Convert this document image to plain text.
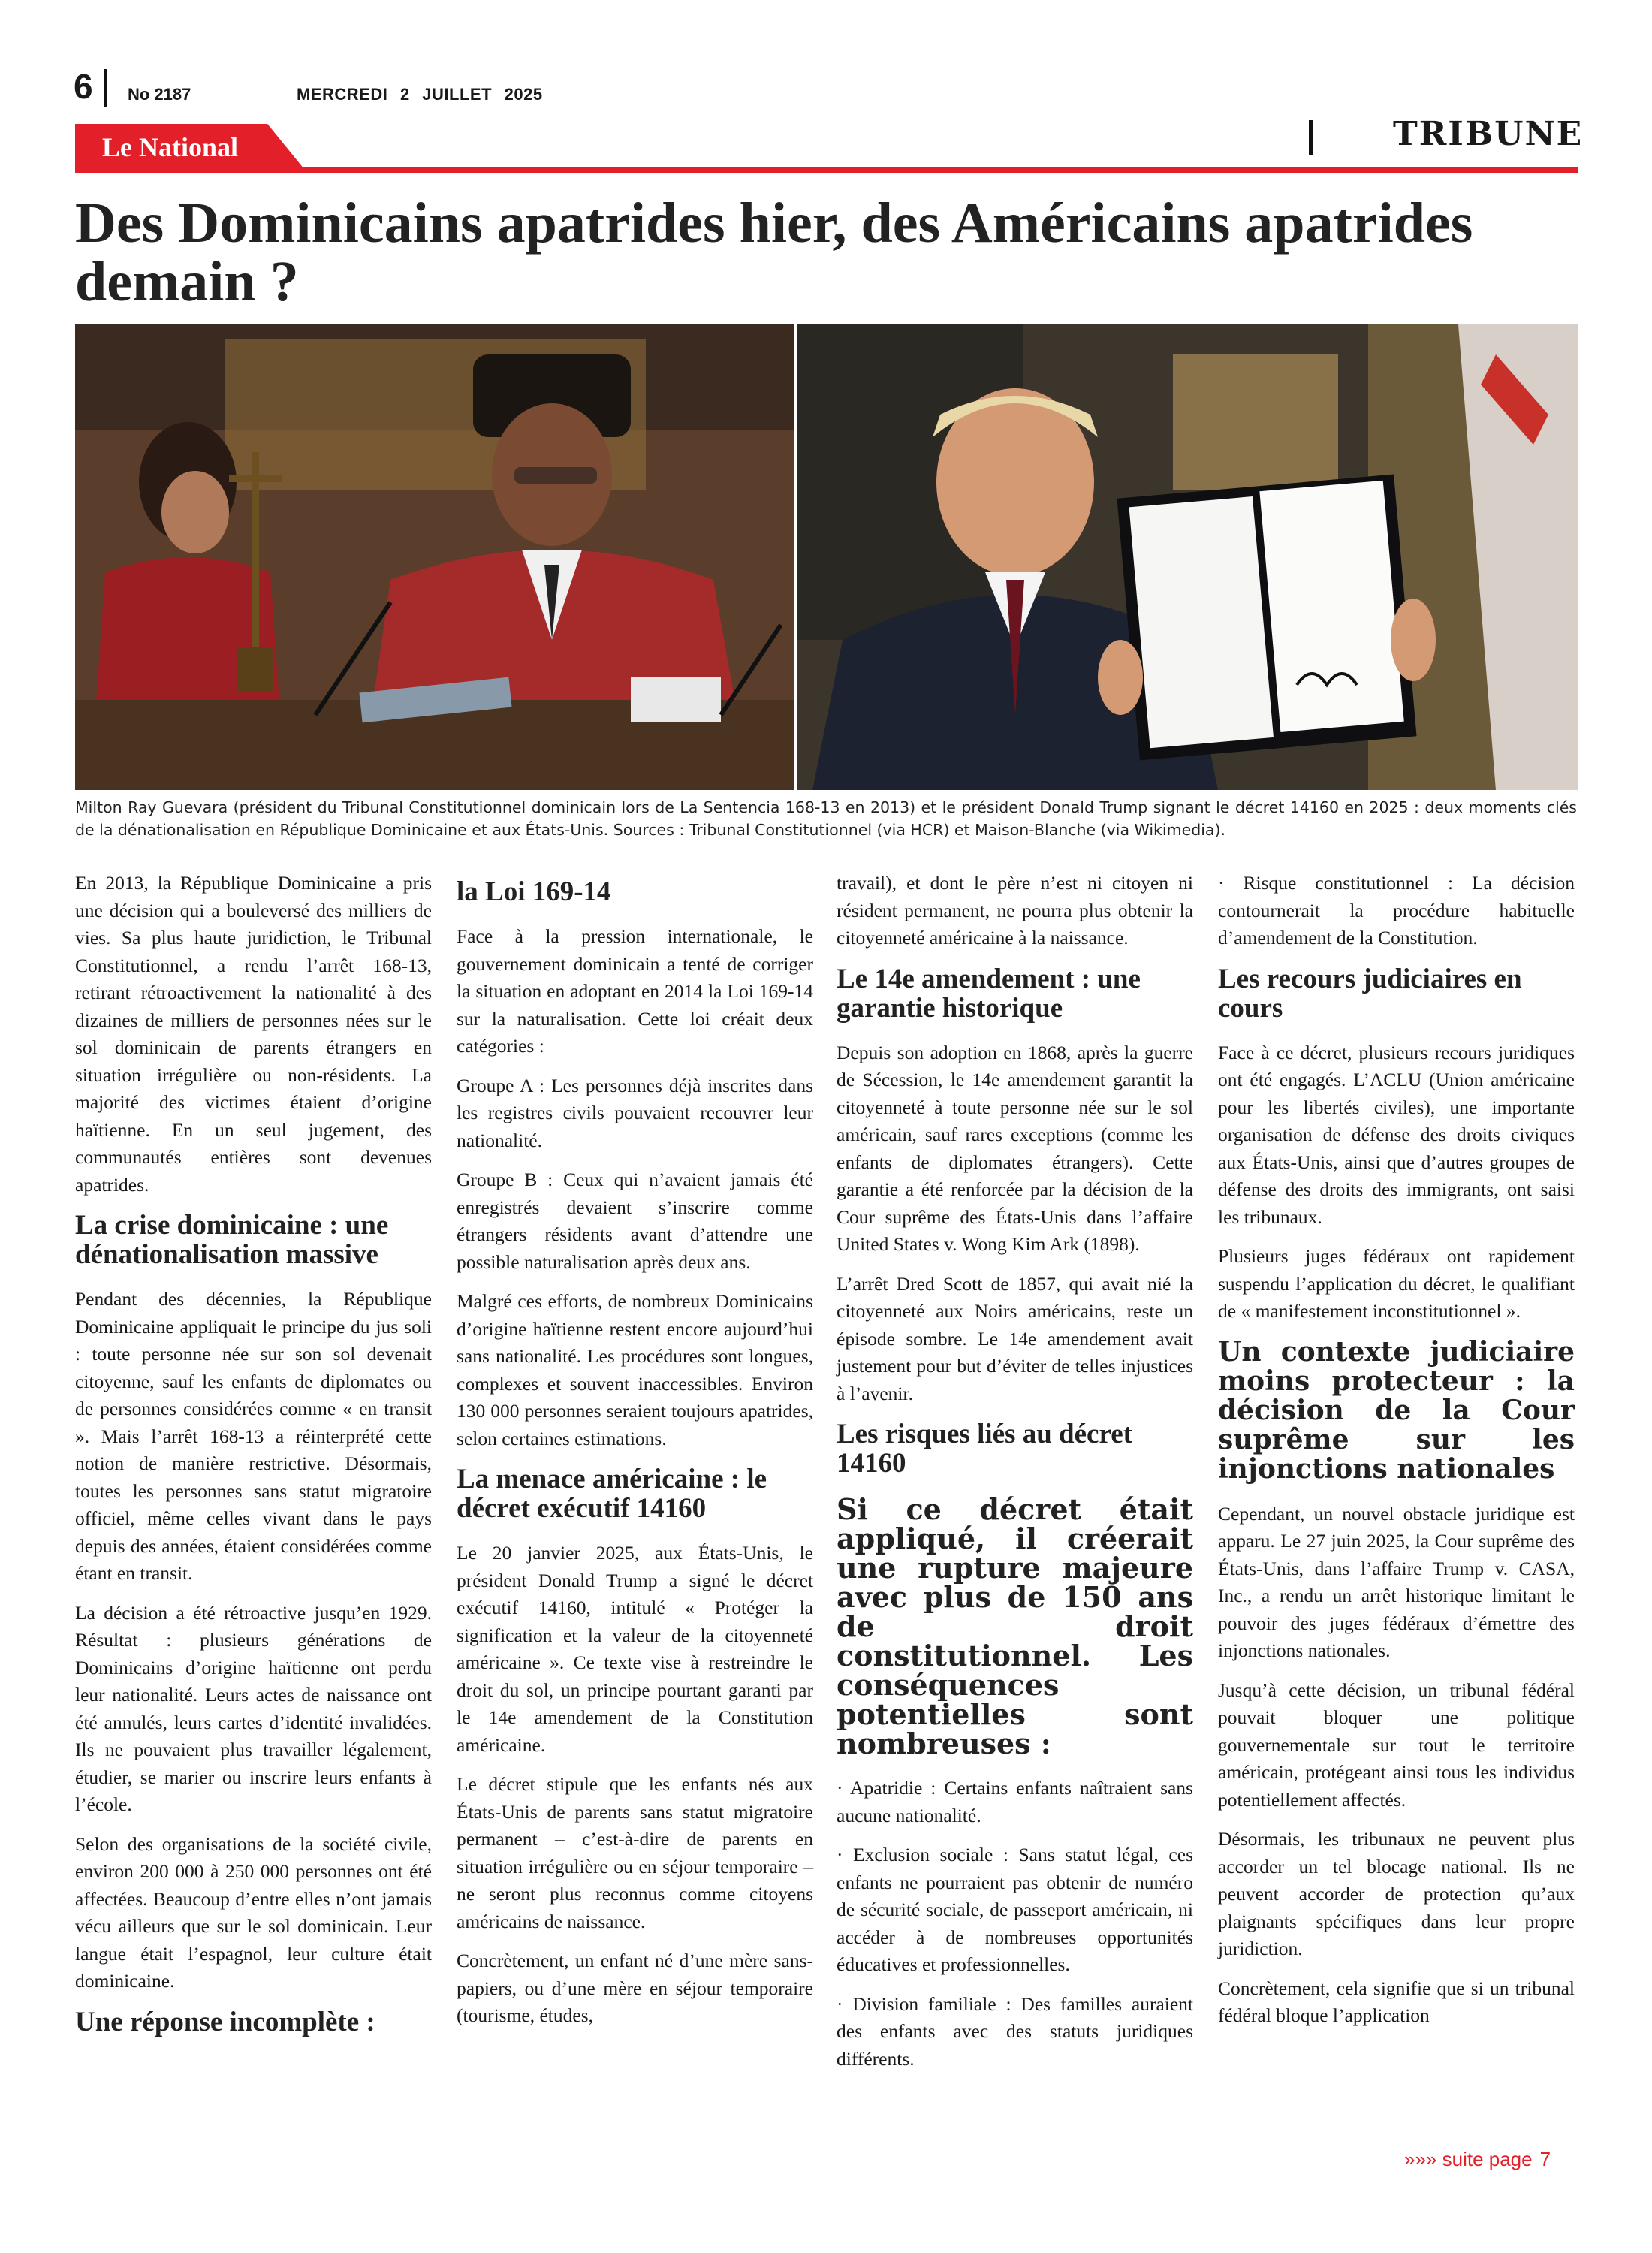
6 No 2187	MERCREDI 2 JUILLET 2025
Le National	TRIBUNE
Des Dominicains apatrides hier, des Américains apatrides demain ?

Milton Ray Guevara (président du Tribunal Constitutionnel dominicain lors de La Sentencia 168-13 en 2013) et le président Donald Trump signant le décret 14160 en 2025 : deux moments clés de la dénationalisation en République Dominicaine et aux États-Unis. Sources : Tribunal Constitutionnel (via HCR) et Maison-Blanche (via Wikimedia).

En 2013, la République Dominicaine a pris une décision qui a bouleversé des milliers de vies. Sa plus haute juridiction, le Tribunal Constitutionnel, a rendu l’arrêt 168-13, retirant rétroactivement la nationalité à des dizaines de milliers de personnes nées sur le sol dominicain de parents étrangers en situation irrégulière ou non-résidents. La majorité des victimes étaient d’origine haïtienne. En un seul jugement, des communautés entières sont devenues apatrides.

La crise dominicaine : une dénationalisation massive

Pendant des décennies, la République Dominicaine appliquait le principe du jus soli : toute personne née sur son sol devenait citoyenne, sauf les enfants de diplomates ou de personnes considérées comme « en transit ». Mais l’arrêt 168-13 a réinterprété cette notion de manière restrictive. Désormais, toutes les personnes sans statut migratoire officiel, même celles vivant dans le pays depuis des années, étaient considérées comme étant en transit.

La décision a été rétroactive jusqu’en 1929. Résultat : plusieurs générations de Dominicains d’origine haïtienne ont perdu leur nationalité. Leurs actes de naissance ont été annulés, leurs cartes d’identité invalidées. Ils ne pouvaient plus travailler légalement, étudier, se marier ou inscrire leurs enfants à l’école.

Selon des organisations de la société civile, environ 200 000 à 250 000 personnes ont été affectées. Beaucoup d’entre elles n’ont jamais vécu ailleurs que sur le sol dominicain. Leur langue était l’espagnol, leur culture était dominicaine.

Une réponse incomplète :
la Loi 169-14

Face à la pression internationale, le gouvernement dominicain a tenté de corriger la situation en adoptant en 2014 la Loi 169-14 sur la naturalisation. Cette loi créait deux catégories :

Groupe A : Les personnes déjà inscrites dans les registres civils pouvaient recouvrer leur nationalité.

Groupe B : Ceux qui n’avaient jamais été enregistrés devaient s’inscrire comme étrangers résidents avant d’attendre une possible naturalisation après deux ans.

Malgré ces efforts, de nombreux Dominicains d’origine haïtienne restent encore aujourd’hui sans nationalité. Les procédures sont longues, complexes et souvent inaccessibles. Environ 130 000 personnes seraient toujours apatrides, selon certaines estimations.

La menace américaine : le décret exécutif 14160

Le 20 janvier 2025, aux États-Unis, le président Donald Trump a signé le décret exécutif 14160, intitulé « Protéger la signification et la valeur de la citoyenneté américaine ». Ce texte vise à restreindre le droit du sol, un principe pourtant garanti par le 14e amendement de la Constitution américaine.

Le décret stipule que les enfants nés aux États-Unis de parents sans statut migratoire permanent – c’est-à-dire de parents en situation irrégulière ou en séjour temporaire – ne seront plus reconnus comme citoyens américains de naissance.

Concrètement, un enfant né d’une mère sans-papiers, ou d’une mère en séjour temporaire (tourisme, études,

travail), et dont le père n’est ni citoyen ni résident permanent, ne pourra plus obtenir la citoyenneté américaine à la naissance.

Le 14e amendement : une garantie historique

Depuis son adoption en 1868, après la guerre de Sécession, le 14e amendement garantit la citoyenneté à toute personne née sur le sol américain, sauf rares exceptions (comme les enfants de diplomates étrangers). Cette garantie a été renforcée par la décision de la Cour suprême des États-Unis dans l’affaire United States v. Wong Kim Ark (1898).

L’arrêt Dred Scott de 1857, qui avait nié la citoyenneté aux Noirs américains, reste un épisode sombre. Le 14e amendement avait justement pour but d’éviter de telles injustices à l’avenir.

Les risques liés au décret 14160
Si ce décret était appliqué, il créerait une rupture majeure avec plus de 150 ans de droit constitutionnel. Les conséquences potentielles sont nombreuses :

· Apatridie : Certains enfants naîtraient sans aucune nationalité.

· Exclusion sociale : Sans statut légal, ces enfants ne pourraient pas obtenir de numéro de sécurité sociale, de passeport américain, ni accéder à de nombreuses opportunités éducatives et professionnelles.

· Division familiale : Des familles auraient des enfants avec des statuts juridiques différents.

· Risque constitutionnel : La décision contournerait la procédure habituelle d’amendement de la Constitution.

Les recours judiciaires en cours

Face à ce décret, plusieurs recours juridiques ont été engagés. L’ACLU (Union américaine pour les libertés civiles), une importante organisation de défense des droits civiques aux États-Unis, ainsi que d’autres groupes de défense des droits des immigrants, ont saisi les tribunaux.

Plusieurs juges fédéraux ont rapidement suspendu l’application du décret, le qualifiant de « manifestement inconstitutionnel ».

Un contexte judiciaire moins protecteur : la décision de la Cour suprême sur les injonctions nationales

Cependant, un nouvel obstacle juridique est apparu. Le 27 juin 2025, la Cour suprême des États-Unis, dans l’affaire Trump v. CASA, Inc., a rendu un arrêt historique limitant le pouvoir des juges fédéraux d’émettre des injonctions nationales.

Jusqu’à cette décision, un tribunal fédéral pouvait bloquer une politique gouvernementale sur tout le territoire américain, protégeant ainsi tous les individus potentiellement affectés.

Désormais, les tribunaux ne peuvent plus accorder un tel blocage national. Ils ne peuvent accorder de protection qu’aux plaignants spécifiques dans leur propre juridiction.

Concrètement, cela signifie que si un tribunal fédéral bloque l’application

»»» suite page 7
